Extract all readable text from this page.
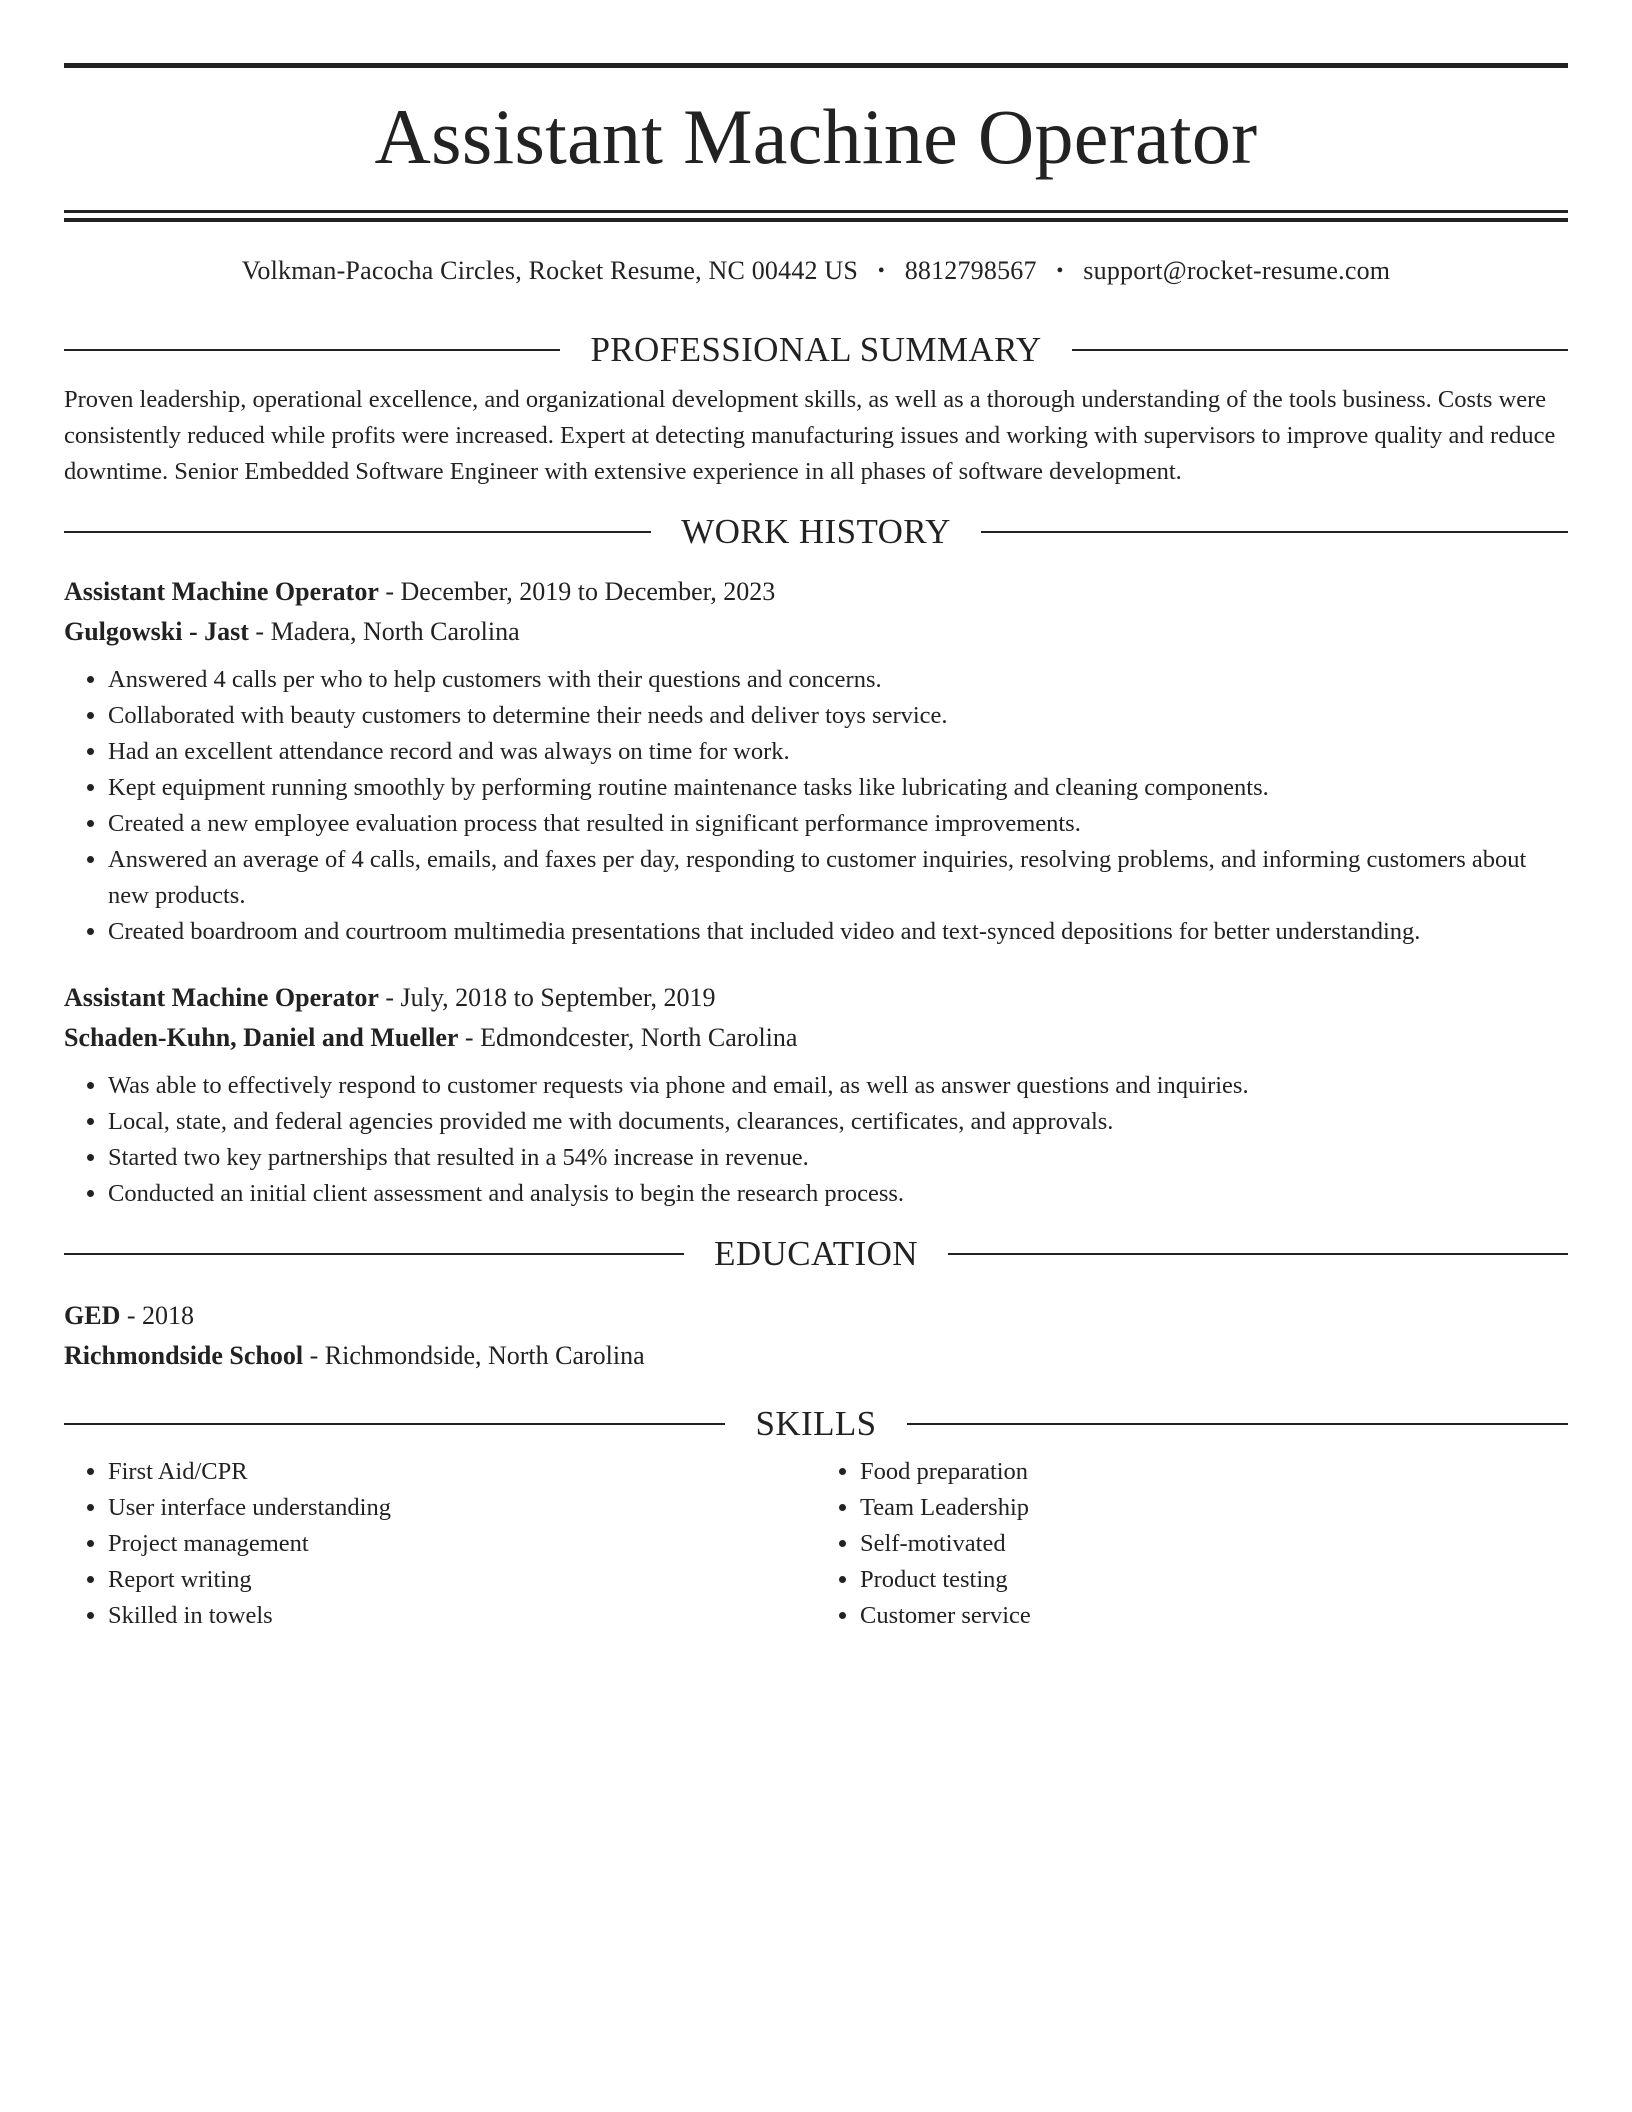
Assistant Machine Operator
Volkman-Pacocha Circles, Rocket Resume, NC 00442 US • 8812798567 • support@rocket-resume.com
PROFESSIONAL SUMMARY

Proven leadership, operational excellence, and organizational development skills, as well as a thorough understanding of the tools business. Costs were consistently reduced while profits were increased. Expert at detecting manufacturing issues and working with supervisors to improve quality and reduce downtime. Senior Embedded Software Engineer with extensive experience in all phases of software development.

WORK HISTORY
Assistant Machine Operator - December, 2019 to December, 2023
Gulgowski - Jast - Madera, North Carolina
• Answered 4 calls per who to help customers with their questions and concerns.
• Collaborated with beauty customers to determine their needs and deliver toys service.
• Had an excellent attendance record and was always on time for work.
• Kept equipment running smoothly by performing routine maintenance tasks like lubricating and cleaning components.
• Created a new employee evaluation process that resulted in significant performance improvements.
• Answered an average of 4 calls, emails, and faxes per day, responding to customer inquiries, resolving problems, and informing customers about new products.
• Created boardroom and courtroom multimedia presentations that included video and text-synced depositions for better understanding.
Assistant Machine Operator - July, 2018 to September, 2019
Schaden-Kuhn, Daniel and Mueller - Edmondcester, North Carolina
• Was able to effectively respond to customer requests via phone and email, as well as answer questions and inquiries.
• Local, state, and federal agencies provided me with documents, clearances, certificates, and approvals.
• Started two key partnerships that resulted in a 54% increase in revenue.
• Conducted an initial client assessment and analysis to begin the research process.
EDUCATION
GED - 2018
Richmondside School - Richmondside, North Carolina
SKILLS
• First Aid/CPR
• User interface understanding
• Project management
• Report writing
• Skilled in towels
• Food preparation
• Team Leadership
• Self-motivated
• Product testing
• Customer service
